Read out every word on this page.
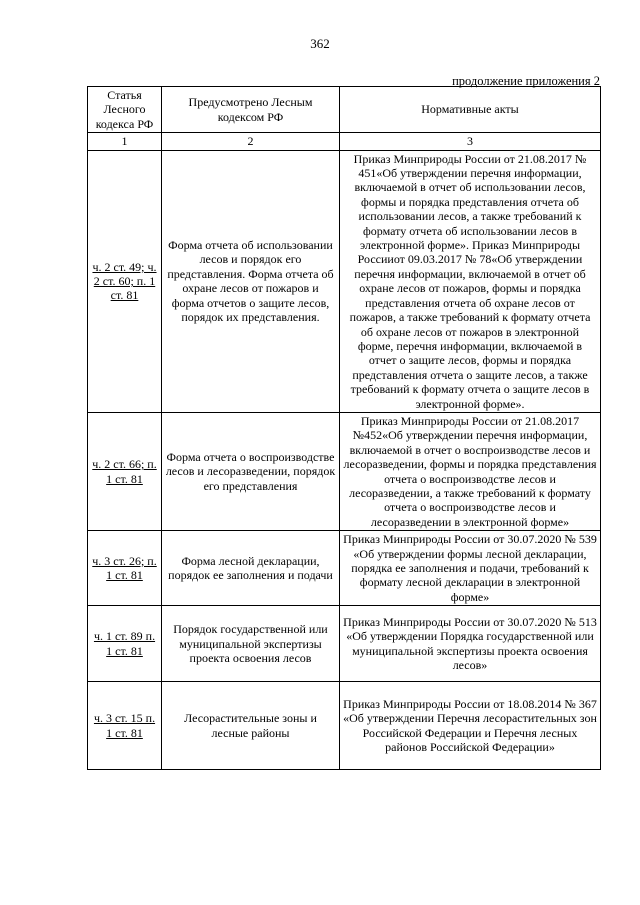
362
продолжение приложения 2
Статья Лесного кодекса РФ	Предусмотрено Лесным кодексом РФ	Нормативные акты
1	2	3
ч. 2 ст. 49; ч. 2 ст. 60; п. 1 ст. 81	Форма отчета об использовании лесов и порядок его представления. Форма отчета об охране лесов от пожаров и форма отчетов о защите лесов, порядок их представления.	Приказ Минприроды России от 21.08.2017 № 451«Об утверждении перечня информации, включаемой в отчет об использовании лесов, формы и порядка представления отчета об использовании лесов, а также требований к формату отчета об использовании лесов в электронной форме». Приказ Минприроды Россииот 09.03.2017 № 78«Об утверждении перечня информации, включаемой в отчет об охране лесов от пожаров, формы и порядка представления отчета об охране лесов от пожаров, а также требований к формату отчета об охране лесов от пожаров в электронной форме, перечня информации, включаемой в отчет о защите лесов, формы и порядка представления отчета о защите лесов, а также требований к формату отчета о защите лесов в электронной форме».
ч. 2 ст. 66; п. 1 ст. 81	Форма отчета о воспроизводстве лесов и лесоразведении, порядок его представления	Приказ Минприроды России от 21.08.2017 №452«Об утверждении перечня информации, включаемой в отчет о воспроизводстве лесов и лесоразведении, формы и порядка представления отчета о воспроизводстве лесов и лесоразведении, а также требований к формату отчета о воспроизводстве лесов и лесоразведении в электронной форме»
ч. 3 ст. 26; п. 1 ст. 81	Форма лесной декларации, порядок ее заполнения и подачи	Приказ Минприроды России от 30.07.2020 № 539 «Об утверждении формы лесной декларации, порядка ее заполнения и подачи, требований к формату лесной декларации в электронной форме»
ч. 1 ст. 89 п. 1 ст. 81	Порядок государственной или муниципальной экспертизы проекта освоения лесов	Приказ Минприроды России от 30.07.2020 № 513 «Об утверждении Порядка государственной или муниципальной экспертизы проекта освоения лесов»
ч. 3 ст. 15 п. 1 ст. 81	Лесорастительные зоны и лесные районы	Приказ Минприроды России от 18.08.2014 № 367 «Об утверждении Перечня лесорастительных зон Российской Федерации и Перечня лесных районов Российской Федерации»
